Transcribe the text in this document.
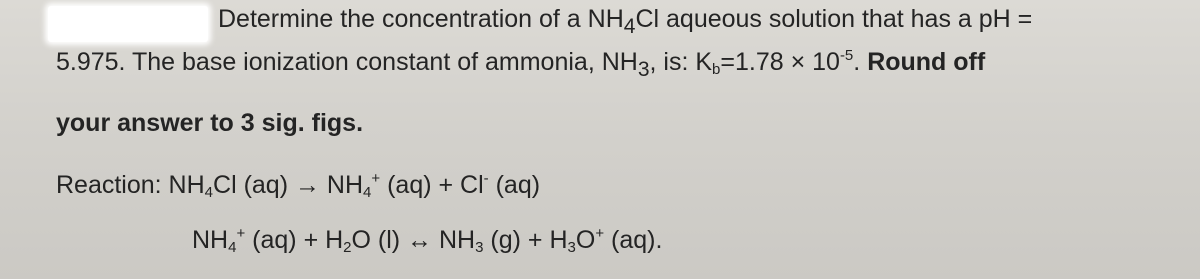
Determine the concentration of a $NH_4Cl$ aqueous solution that has a pH =
5.975. The base ionization constant of ammonia, $NH_3$, is: $Kb=1.78 \times 10^{-5}$. Round off
your answer to 3 sig. figs.
Reaction: NH4Cl (aq) → NH4+ (aq) + Cl- (aq)
NH4+ (aq) + H2O (l) ↔ NH3 (g) + H3O+ (aq).
